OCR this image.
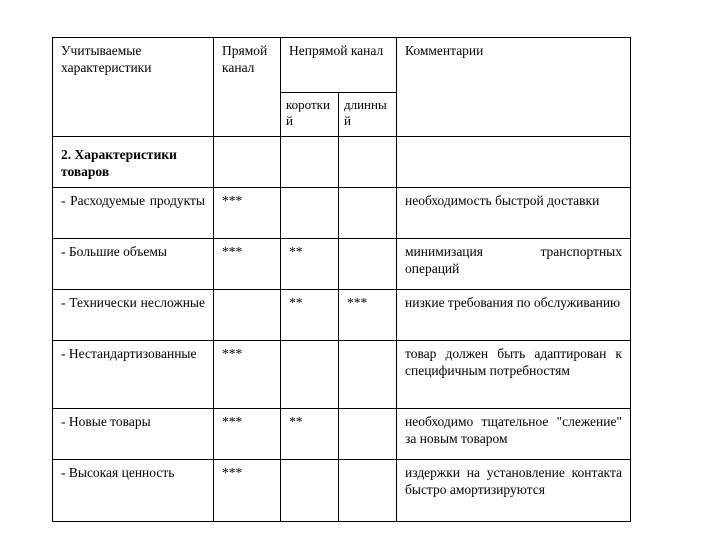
Учитываемые характеристики	Прямой канал	Непрямой канал		Комментарии
		короткий	длинный	
2. Характеристики товаров				
- Расходуемые продукты	***			необходимость быстрой доставки
- Большие объемы	***	**		минимизация транспортных операций
- Технически несложные		**	***	низкие требования по обслуживанию
- Нестандартизованные	***			товар должен быть адаптирован к специфичным потребностям
- Новые товары	***	**		необходимо тщательное "слежение" за новым товаром
- Высокая ценность	***			издержки на установление контакта быстро амортизируются
